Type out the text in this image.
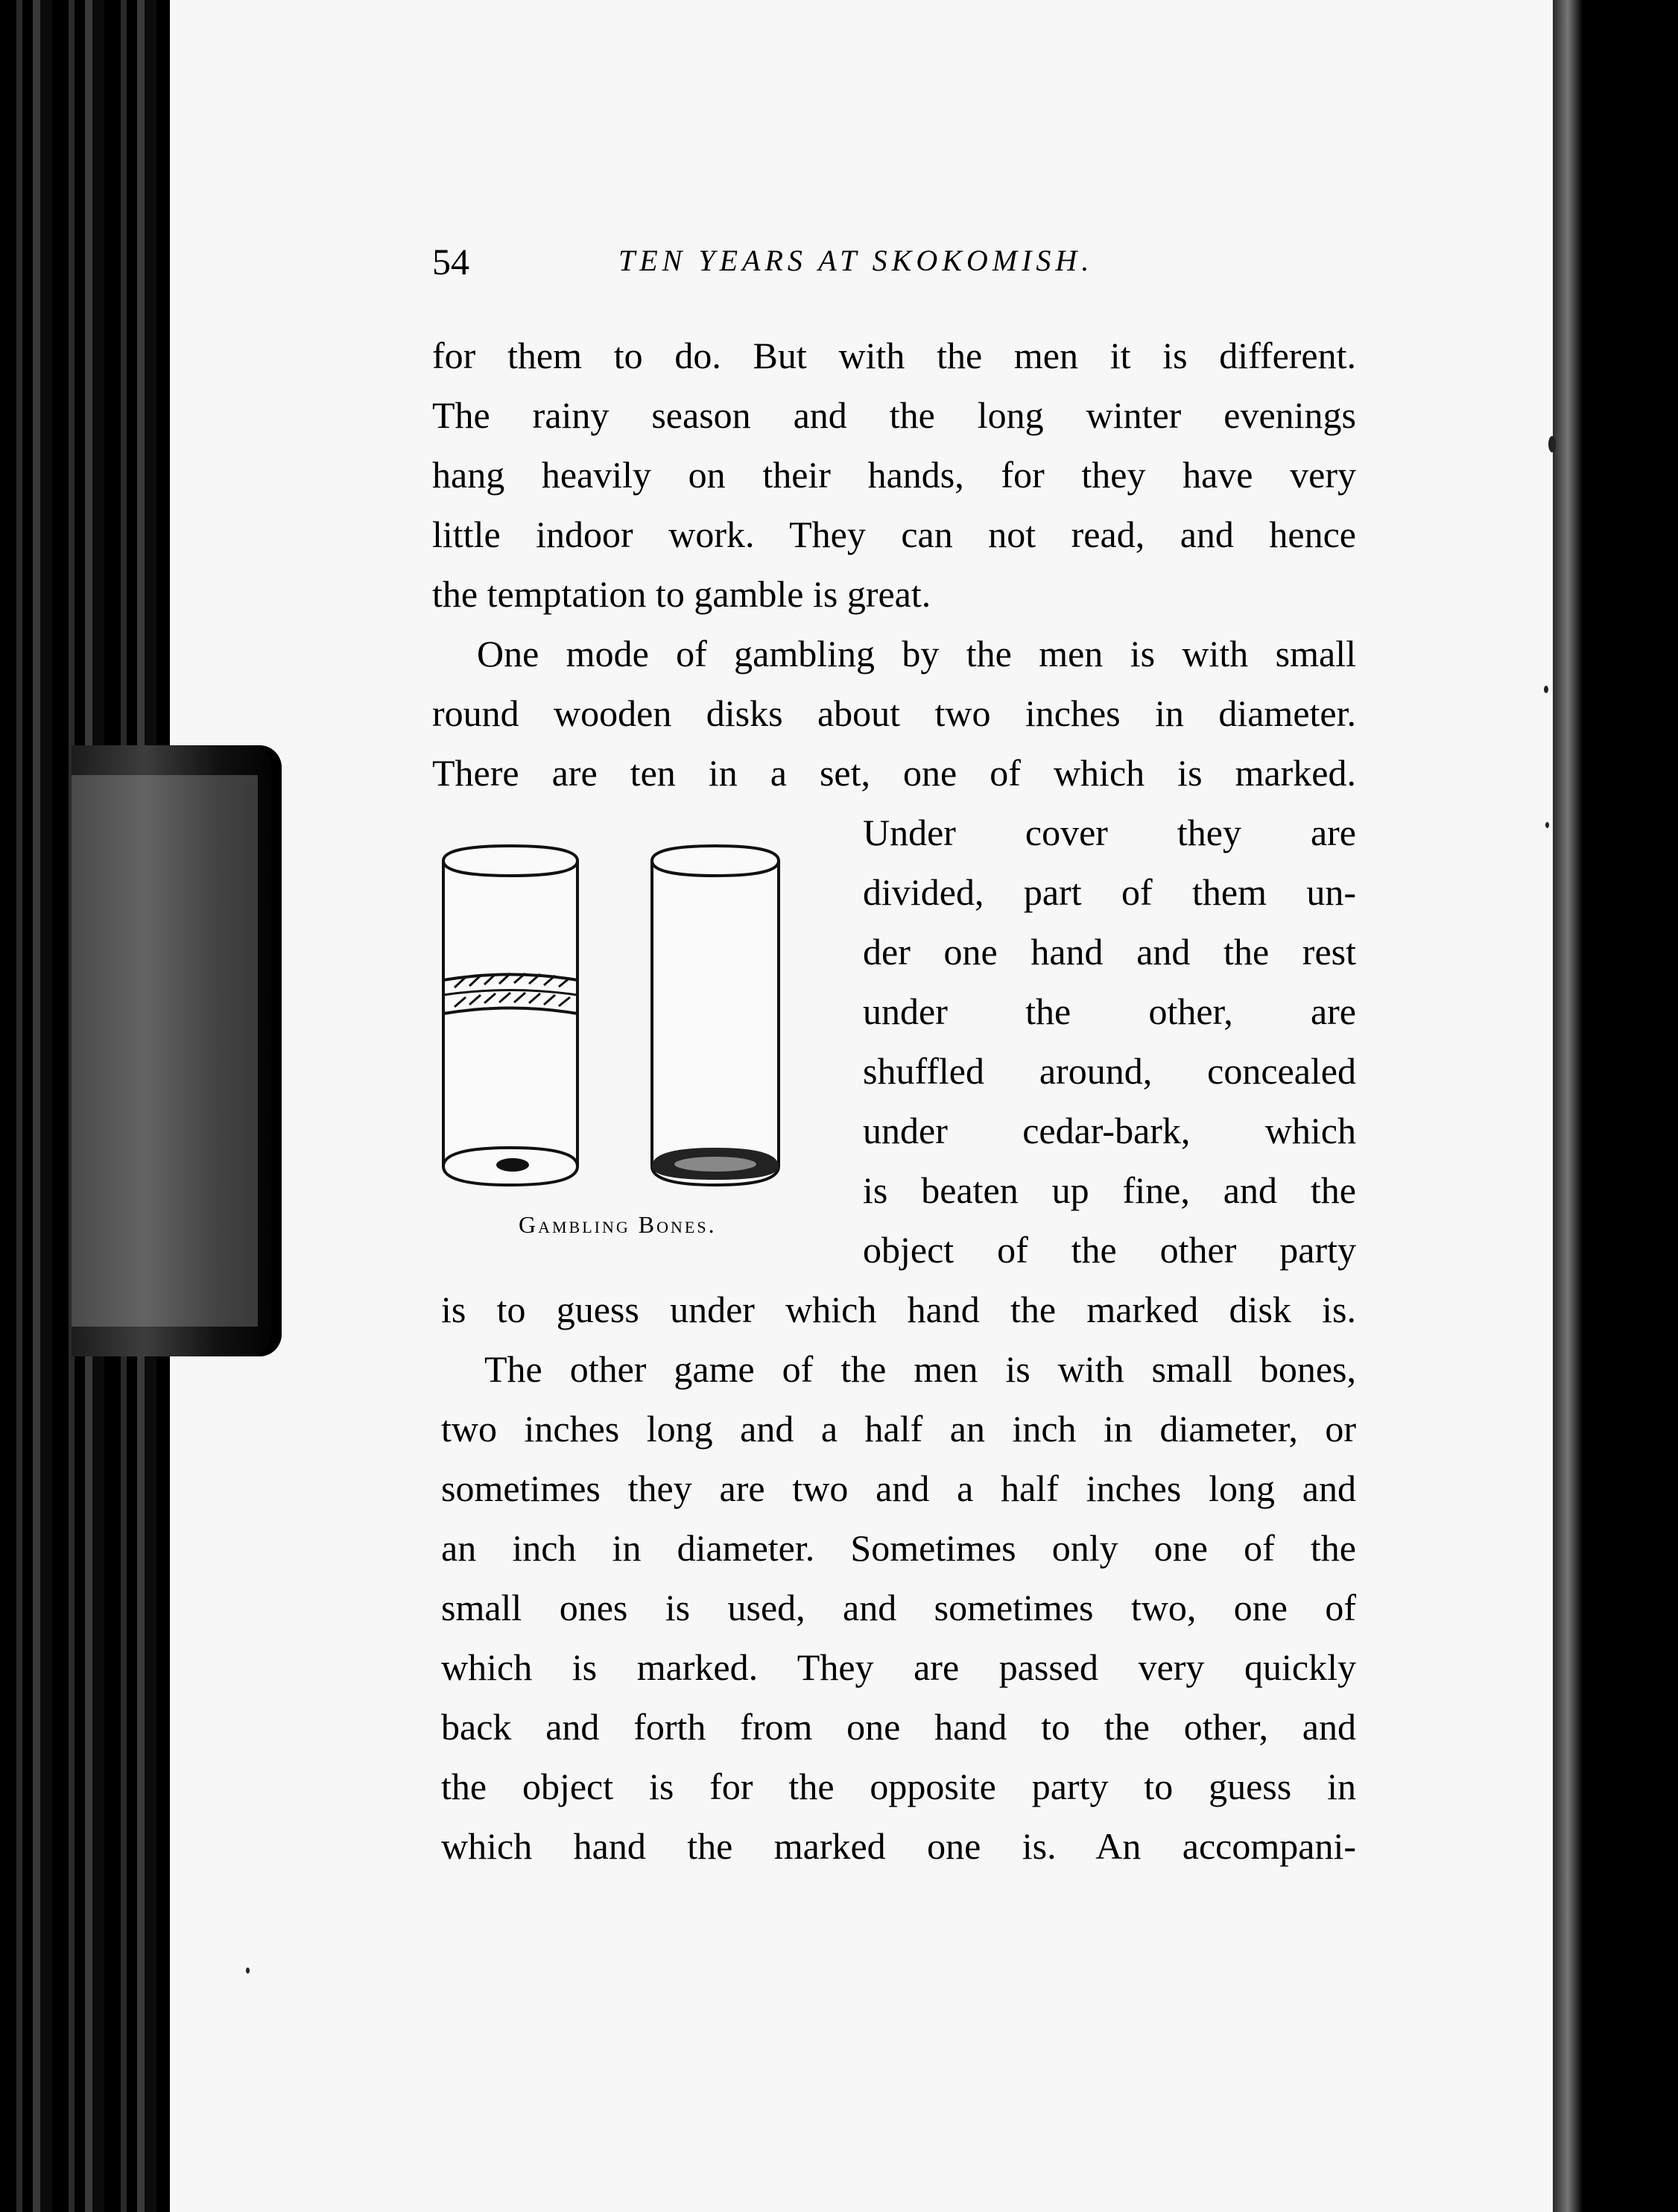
54	TEN YEARS AT SKOKOMISH.
for them to do. But with the men it is different.
The rainy season and the long winter evenings
hang heavily on their hands, for they have very
little indoor work. They can not read, and hence
the temptation to gamble is great.
One mode of gambling by the men is with small
round wooden disks about two inches in diameter.
There are ten in a set, one of which is marked.
Under cover they are
divided, part of them un-
der one hand and the rest
under the other, are
shuffled around, concealed
under cedar-bark, which
is beaten up fine, and the
object of the other party
is to guess under which hand the marked disk is.
Gambling Bones.
The other game of the men is with small bones,
two inches long and a half an inch in diameter, or
sometimes they are two and a half inches long and
an inch in diameter. Sometimes only one of the
small ones is used, and sometimes two, one of
which is marked. They are passed very quickly
back and forth from one hand to the other, and
the object is for the opposite party to guess in
which hand the marked one is. An accompani-
